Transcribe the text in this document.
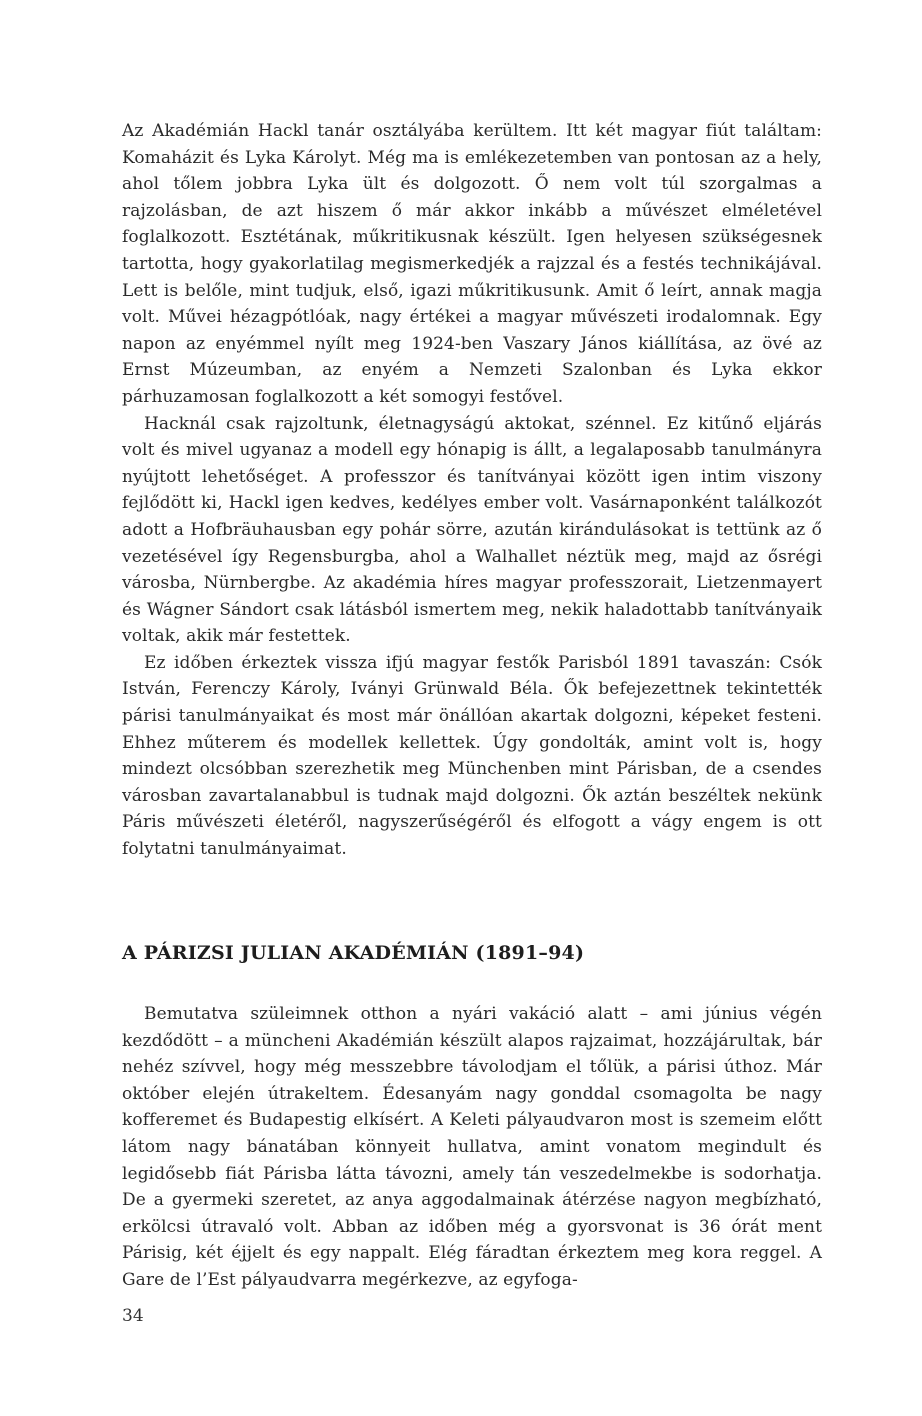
Az Akadémián Hackl tanár osztályába kerültem. Itt két magyar fiút találtam: Komaházit és Lyka Károlyt. Még ma is emlékezetemben van pontosan az a hely, ahol tőlem jobbra Lyka ült és dolgozott. Ő nem volt túl szorgalmas a rajzolásban, de azt hiszem ő már akkor inkább a művészet elméletével foglalkozott. Esztétának, műkritikusnak készült. Igen helyesen szükségesnek tartotta, hogy gyakorlatilag megismerkedjék a rajzzal és a festés technikájával. Lett is belőle, mint tudjuk, első, igazi műkritikusunk. Amit ő leírt, annak magja volt. Művei hézagpótlóak, nagy értékei a magyar művészeti irodalomnak. Egy napon az enyémmel nyílt meg 1924-ben Vaszary János kiállítása, az övé az Ernst Múzeumban, az enyém a Nemzeti Szalonban és Lyka ekkor párhuzamosan foglalkozott a két somogyi festővel.

Hacknál csak rajzoltunk, életnagyságú aktokat, szénnel. Ez kitűnő eljárás volt és mivel ugyanaz a modell egy hónapig is állt, a legalaposabb tanulmányra nyújtott lehetőséget. A professzor és tanítványai között igen intim viszony fejlődött ki, Hackl igen kedves, kedélyes ember volt. Vasárnaponként találkozót adott a Hofbräuhausban egy pohár sörre, azután kirándulásokat is tettünk az ő vezetésével így Regensburgba, ahol a Walhallet néztük meg, majd az ősrégi városba, Nürnbergbe. Az akadémia híres magyar professzorait, Lietzenmayert és Wágner Sándort csak látásból ismertem meg, nekik haladottabb tanítványaik voltak, akik már festettek.

Ez időben érkeztek vissza ifjú magyar festők Parisból 1891 tavaszán: Csók István, Ferenczy Károly, Iványi Grünwald Béla. Ők befejezettnek tekintették párisi tanulmányaikat és most már önállóan akartak dolgozni, képeket festeni. Ehhez műterem és modellek kellettek. Úgy gondolták, amint volt is, hogy mindezt olcsóbban szerezhetik meg Münchenben mint Párisban, de a csendes városban zavartalanabbul is tudnak majd dolgozni. Ők aztán beszéltek nekünk Páris művészeti életéről, nagyszerűségéről és elfogott a vágy engem is ott folytatni tanulmányaimat.

A PÁRIZSI JULIAN AKADÉMIÁN (1891–94)

Bemutatva szüleimnek otthon a nyári vakáció alatt – ami június végén kezdődött – a müncheni Akadémián készült alapos rajzaimat, hozzájárultak, bár nehéz szívvel, hogy még messzebbre távolodjam el tőlük, a párisi úthoz. Már október elején útrakeltem. Édesanyám nagy gonddal csomagolta be nagy kofferemet és Budapestig elkísért. A Keleti pályaudvaron most is szemeim előtt látom nagy bánatában könnyeit hullatva, amint vonatom megindult és legidősebb fiát Párisba látta távozni, amely tán veszedelmekbe is sodorhatja. De a gyermeki szeretet, az anya aggodalmainak átérzése nagyon megbízható, erkölcsi útravaló volt. Abban az időben még a gyorsvonat is 36 órát ment Párisig, két éjjelt és egy nappalt. Elég fáradtan érkeztem meg kora reggel. A Gare de l’Est pályaudvarra megérkezve, az egyfoga-

34
